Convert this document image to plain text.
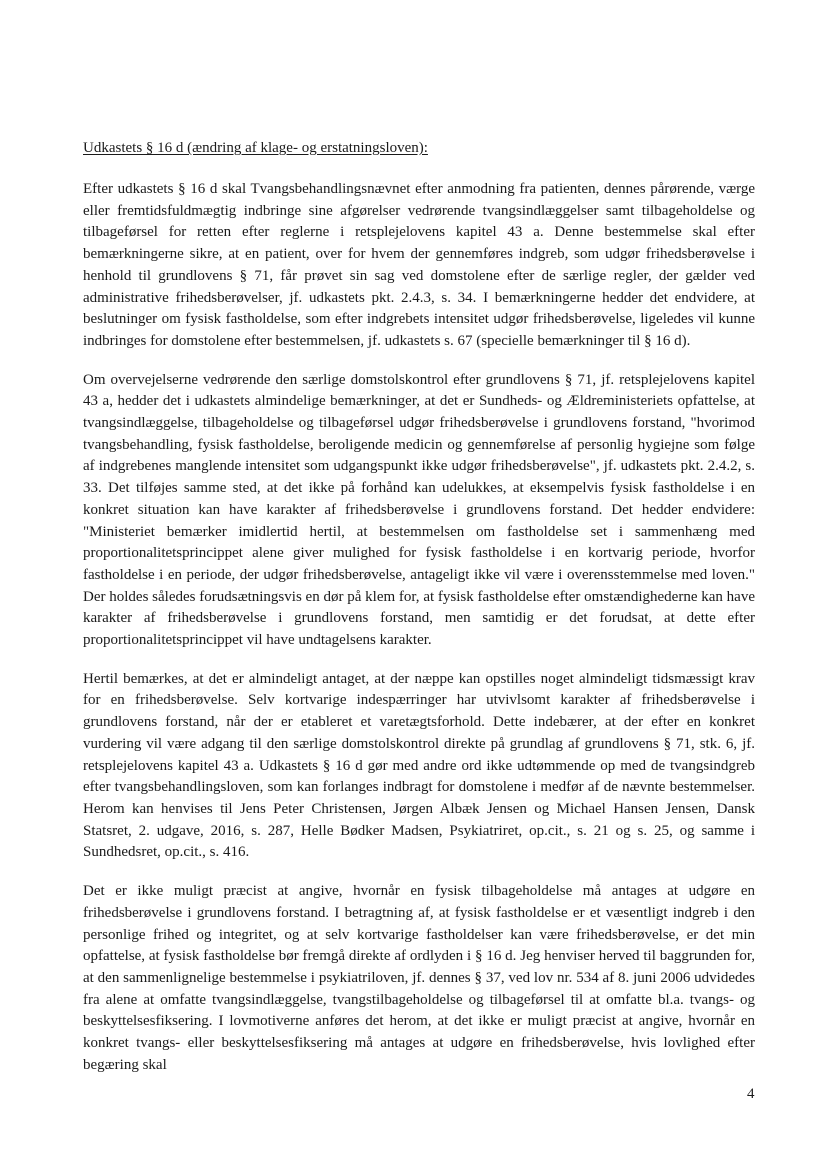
Udkastets § 16 d (ændring af klage- og erstatningsloven):

Efter udkastets § 16 d skal Tvangsbehandlingsnævnet efter anmodning fra patienten, dennes pårørende, værge eller fremtidsfuldmægtig indbringe sine afgørelser vedrørende tvangsindlæggelser samt tilbageholdelse og tilbageførsel for retten efter reglerne i retsplejelovens kapitel 43 a. Denne bestemmelse skal efter bemærkningerne sikre, at en patient, over for hvem der gennemføres indgreb, som udgør frihedsberøvelse i henhold til grundlovens § 71, får prøvet sin sag ved domstolene efter de særlige regler, der gælder ved administrative frihedsberøvelser, jf. udkastets pkt. 2.4.3, s. 34. I bemærkningerne hedder det endvidere, at beslutninger om fysisk fastholdelse, som efter indgrebets intensitet udgør frihedsberøvelse, ligeledes vil kunne indbringes for domstolene efter bestemmelsen, jf. udkastets s. 67 (specielle bemærkninger til § 16 d).

Om overvejelserne vedrørende den særlige domstolskontrol efter grundlovens § 71, jf. retsplejelovens kapitel 43 a, hedder det i udkastets almindelige bemærkninger, at det er Sundheds- og Ældreministeriets opfattelse, at tvangsindlæggelse, tilbageholdelse og tilbageførsel udgør frihedsberøvelse i grundlovens forstand, "hvorimod tvangsbehandling, fysisk fastholdelse, beroligende medicin og gennemførelse af personlig hygiejne som følge af indgrebenes manglende intensitet som udgangspunkt ikke udgør frihedsberøvelse", jf. udkastets pkt. 2.4.2, s. 33. Det tilføjes samme sted, at det ikke på forhånd kan udelukkes, at eksempelvis fysisk fastholdelse i en konkret situation kan have karakter af frihedsberøvelse i grundlovens forstand. Det hedder endvidere: "Ministeriet bemærker imidlertid hertil, at bestemmelsen om fastholdelse set i sammenhæng med proportionalitetsprincippet alene giver mulighed for fysisk fastholdelse i en kortvarig periode, hvorfor fastholdelse i en periode, der udgør frihedsberøvelse, antageligt ikke vil være i overensstemmelse med loven." Der holdes således forudsætningsvis en dør på klem for, at fysisk fastholdelse efter omstændighederne kan have karakter af frihedsberøvelse i grundlovens forstand, men samtidig er det forudsat, at dette efter proportionalitetsprincippet vil have undtagelsens karakter.

Hertil bemærkes, at det er almindeligt antaget, at der næppe kan opstilles noget almindeligt tidsmæssigt krav for en frihedsberøvelse. Selv kortvarige indespærringer har utvivlsomt karakter af frihedsberøvelse i grundlovens forstand, når der er etableret et varetægtsforhold. Dette indebærer, at der efter en konkret vurdering vil være adgang til den særlige domstolskontrol direkte på grundlag af grundlovens § 71, stk. 6, jf. retsplejelovens kapitel 43 a. Udkastets § 16 d gør med andre ord ikke udtømmende op med de tvangsindgreb efter tvangsbehandlingsloven, som kan forlanges indbragt for domstolene i medfør af de nævnte bestemmelser. Herom kan henvises til Jens Peter Christensen, Jørgen Albæk Jensen og Michael Hansen Jensen, Dansk Statsret, 2. udgave, 2016, s. 287, Helle Bødker Madsen, Psykiatriret, op.cit., s. 21 og s. 25, og samme i Sundhedsret, op.cit., s. 416.

Det er ikke muligt præcist at angive, hvornår en fysisk tilbageholdelse må antages at udgøre en frihedsberøvelse i grundlovens forstand. I betragtning af, at fysisk fastholdelse er et væsentligt indgreb i den personlige frihed og integritet, og at selv kortvarige fastholdelser kan være frihedsberøvelse, er det min opfattelse, at fysisk fastholdelse bør fremgå direkte af ordlyden i § 16 d. Jeg henviser herved til baggrunden for, at den sammenlignelige bestemmelse i psykiatriloven, jf. dennes § 37, ved lov nr. 534 af 8. juni 2006 udvidedes fra alene at omfatte tvangsindlæggelse, tvangstilbageholdelse og tilbageførsel til at omfatte bl.a. tvangs- og beskyttelsesfiksering. I lovmotiverne anføres det herom, at det ikke er muligt præcist at angive, hvornår en konkret tvangs- eller beskyttelsesfiksering må antages at udgøre en frihedsberøvelse, hvis lovlighed efter begæring skal

4
